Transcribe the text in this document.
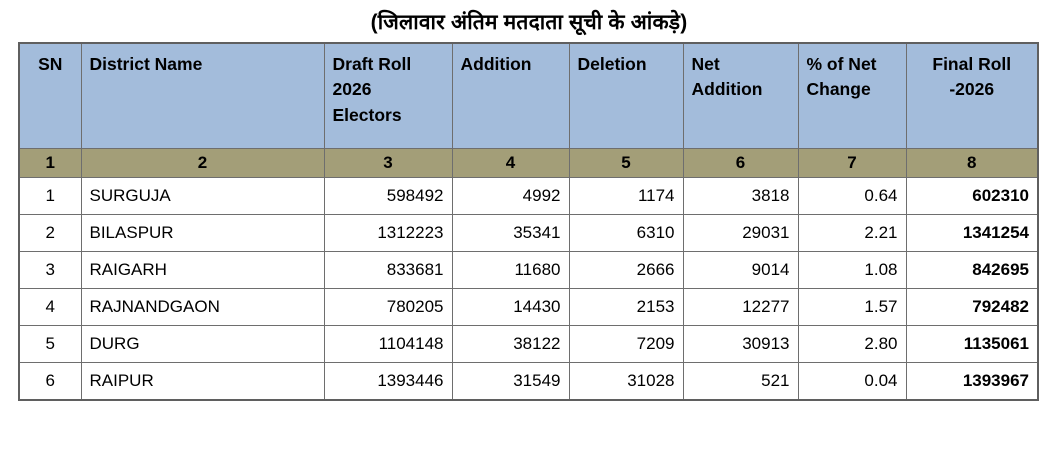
(जिलावार अंतिम मतदाता सूची के आंकड़े)
SN	District Name	Draft Roll 2026 Electors	Addition	Deletion	Net Addition	% of Net Change	Final Roll -2026
1	2	3	4	5	6	7	8
1	SURGUJA	598492	4992	1174	3818	0.64	602310
2	BILASPUR	1312223	35341	6310	29031	2.21	1341254
3	RAIGARH	833681	11680	2666	9014	1.08	842695
4	RAJNANDGAON	780205	14430	2153	12277	1.57	792482
5	DURG	1104148	38122	7209	30913	2.80	1135061
6	RAIPUR	1393446	31549	31028	521	0.04	1393967
